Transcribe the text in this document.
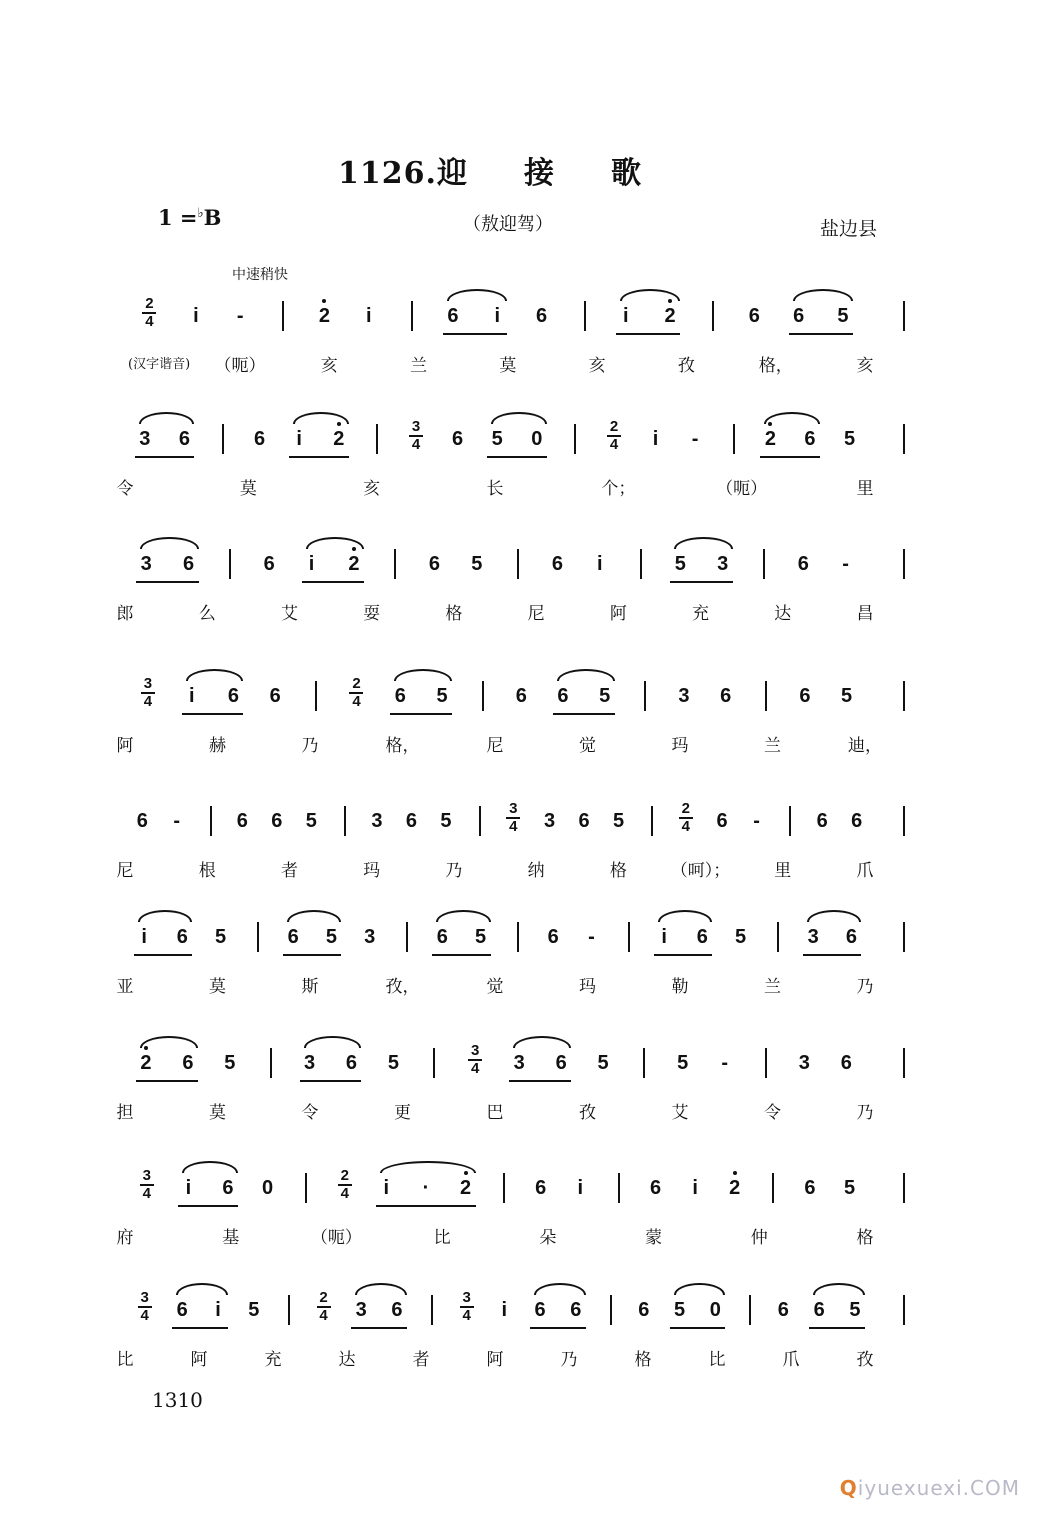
1126.迎 接 歌
1 =♭B	（敖迎驾）	盐边县
中速稍快
2
4 i -	2 i	6 i 6	i 2	6 6 5
(汉字谐音) （呃）	亥	兰	莫	亥	孜	格，	亥
3 6	6 i 2
3
4 6 5 0
2
4 i -	2 6 5
令	莫	亥	长	个；	（呃）	里
3 6	6 i 2	6 5	6 i	5 3	6 -
郎	么	艾	耍	格	尼	阿	充	达	昌
3
4 i 6 6
2
4 6 5	6 6 5	3 6	6 5
阿	赫	乃	格，	尼	觉	玛	兰	迪，
6 -	6 6 5	3 6 5
3
4 3 6 5
2
4 6 -	6 6
尼	根	者	玛	乃	纳	格	（呵）；	里	爪
i 6 5	6 5 3	6 5	6 -	i 6 5	3 6
亚	莫	斯	孜，	觉	玛	勒	兰	乃
2 6 5	3 6 5
3
4 3 6 5	5 -	3 6
担	莫	令	更	巴	孜	艾	令	乃
3
4 i 6 0
2
4 i · 2	6 i	6 i 2	6 5
府	基	（呃）	比	朵	蒙	仲	格
3
4 6 i 5
2
4 3 6
3
4 i 6 6	6 5 0	6 6 5
比	阿	充	达	者	阿	乃	格	比	爪	孜
1310
Qiyuexuexi.COM
